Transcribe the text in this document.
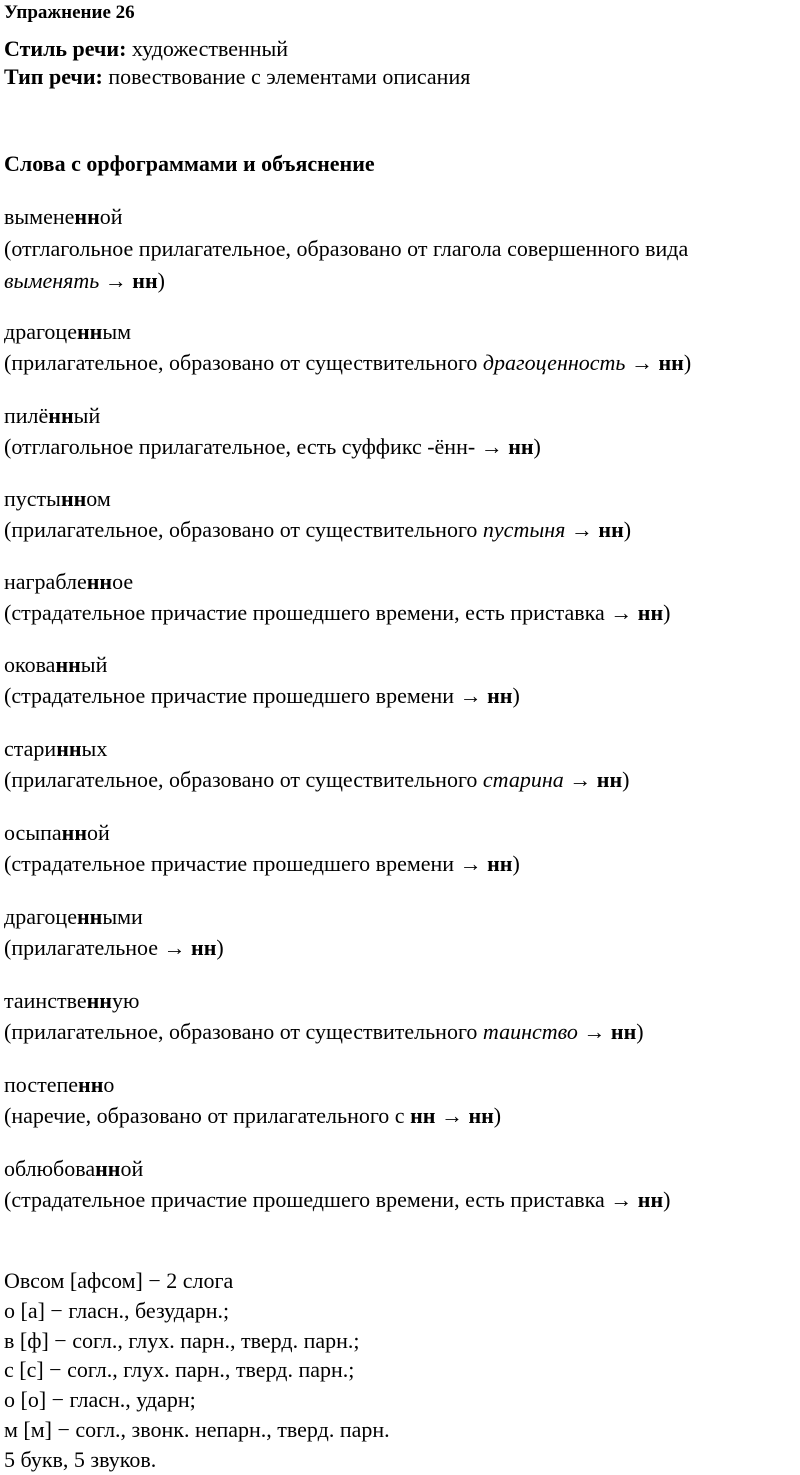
Упражнение 26
Стиль речи: художественный
Тип речи: повествование с элементами описания
Слова с орфограммами и объяснение
вымененной
(отглагольное прилагательное, образовано от глагола совершенного вида
выменять → нн)
драгоценным
(прилагательное, образовано от существительного драгоценность → нн)
пилённый
(отглагольное прилагательное, есть суффикс -ённ- → нн)
пустынном
(прилагательное, образовано от существительного пустыня → нн)
награбленное
(страдательное причастие прошедшего времени, есть приставка → нн)
окованный
(страдательное причастие прошедшего времени → нн)
старинных
(прилагательное, образовано от существительного старина → нн)
осыпанной
(страдательное причастие прошедшего времени → нн)
драгоценными
(прилагательное → нн)
таинственную
(прилагательное, образовано от существительного таинство → нн)
постепенно
(наречие, образовано от прилагательного с нн → нн)
облюбованной
(страдательное причастие прошедшего времени, есть приставка → нн)
Овсом [афсом] − 2 слога
о [а] − гласн., безударн.;
в [ф] − согл., глух. парн., тверд. парн.;
с [с] − согл., глух. парн., тверд. парн.;
о [о] − гласн., ударн;
м [м] − согл., звонк. непарн., тверд. парн.
5 букв, 5 звуков.
